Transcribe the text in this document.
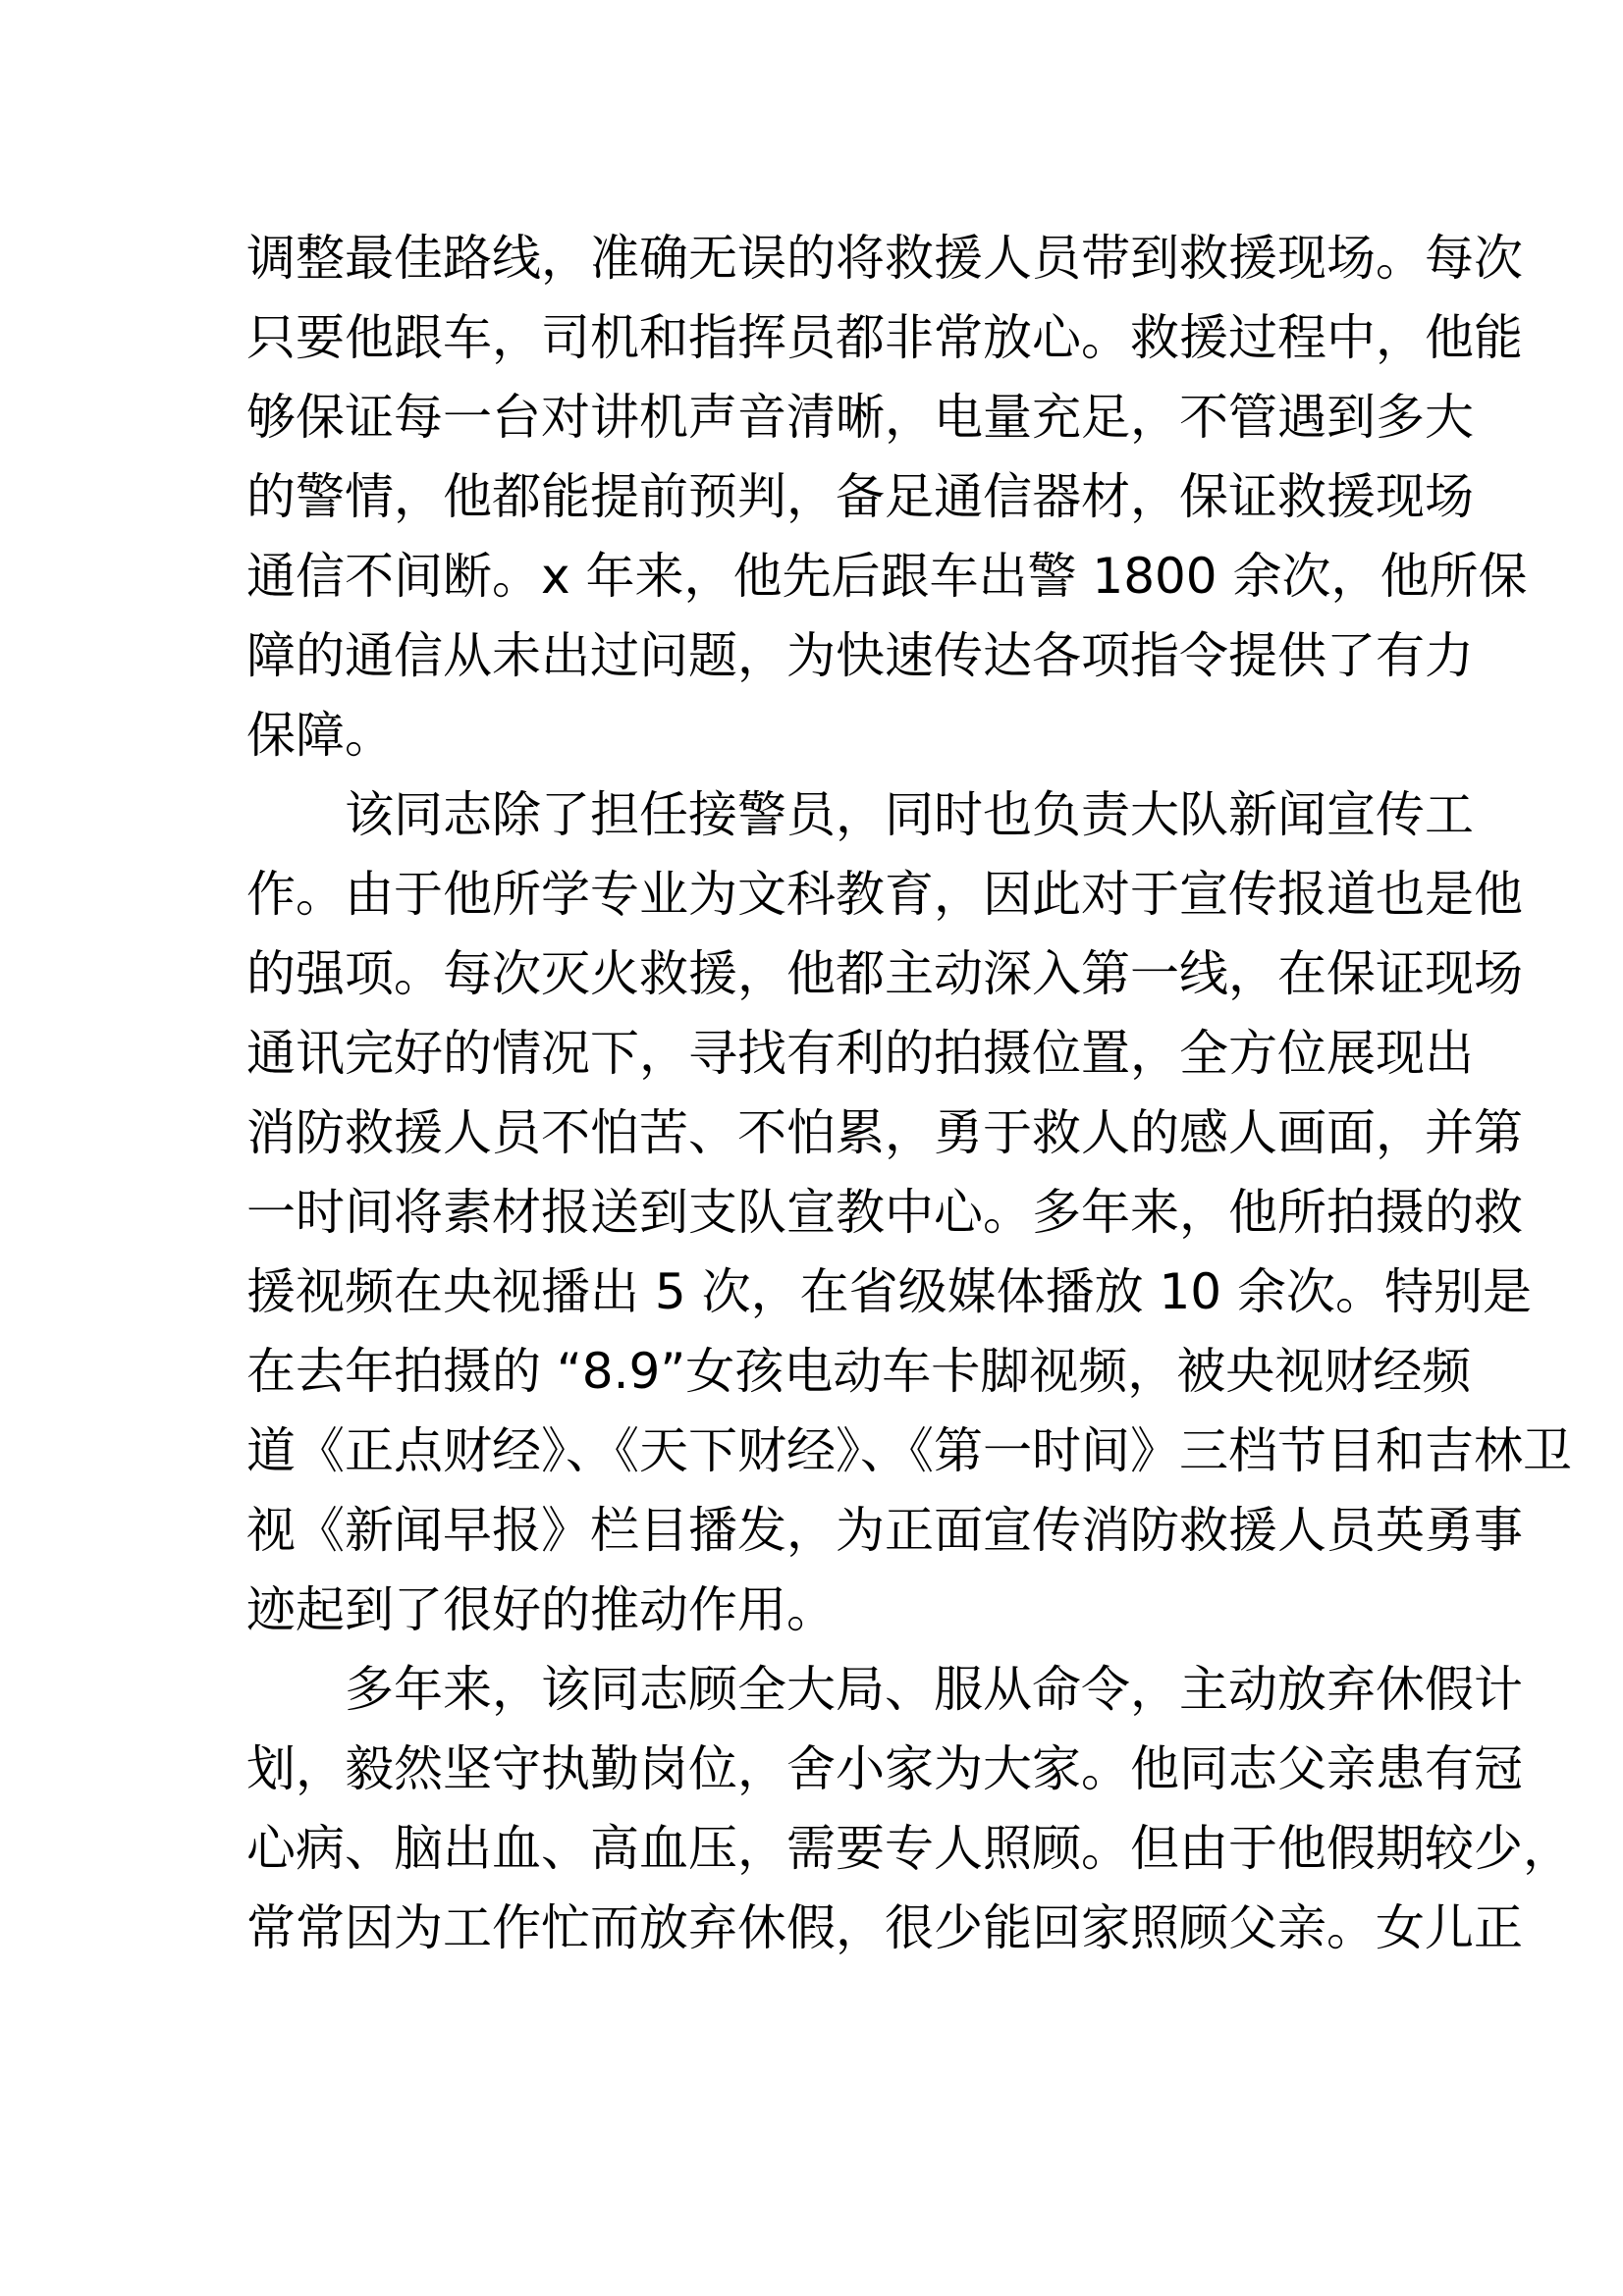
调整最佳路线，准确无误的将救援人员带到救援现场。每次
只要他跟车，司机和指挥员都非常放心。救援过程中，他能
够保证每一台对讲机声音清晰，电量充足，不管遇到多大
的警情，他都能提前预判，备足通信器材，保证救援现场
通信不间断。x 年来，他先后跟车出警 1800 余次，他所保
障的通信从未出过问题，为快速传达各项指令提供了有力
保障。
该同志除了担任接警员，同时也负责大队新闻宣传工
作。由于他所学专业为文科教育，因此对于宣传报道也是他
的强项。每次灭火救援，他都主动深入第一线，在保证现场
通讯完好的情况下，寻找有利的拍摄位置，全方位展现出
消防救援人员不怕苦、不怕累，勇于救人的感人画面，并第
一时间将素材报送到支队宣教中心。多年来，他所拍摄的救
援视频在央视播出 5 次，在省级媒体播放 10 余次。特别是
在去年拍摄的 “8.9”女孩电动车卡脚视频，被央视财经频
道《正点财经》、《天下财经》、《第一时间》三档节目和吉林卫
视《新闻早报》栏目播发，为正面宣传消防救援人员英勇事
迹起到了很好的推动作用。
多年来，该同志顾全大局、服从命令，主动放弃休假计
划，毅然坚守执勤岗位，舍小家为大家。他同志父亲患有冠
心病、脑出血、高血压，需要专人照顾。但由于他假期较少，
常常因为工作忙而放弃休假，很少能回家照顾父亲。女儿正
